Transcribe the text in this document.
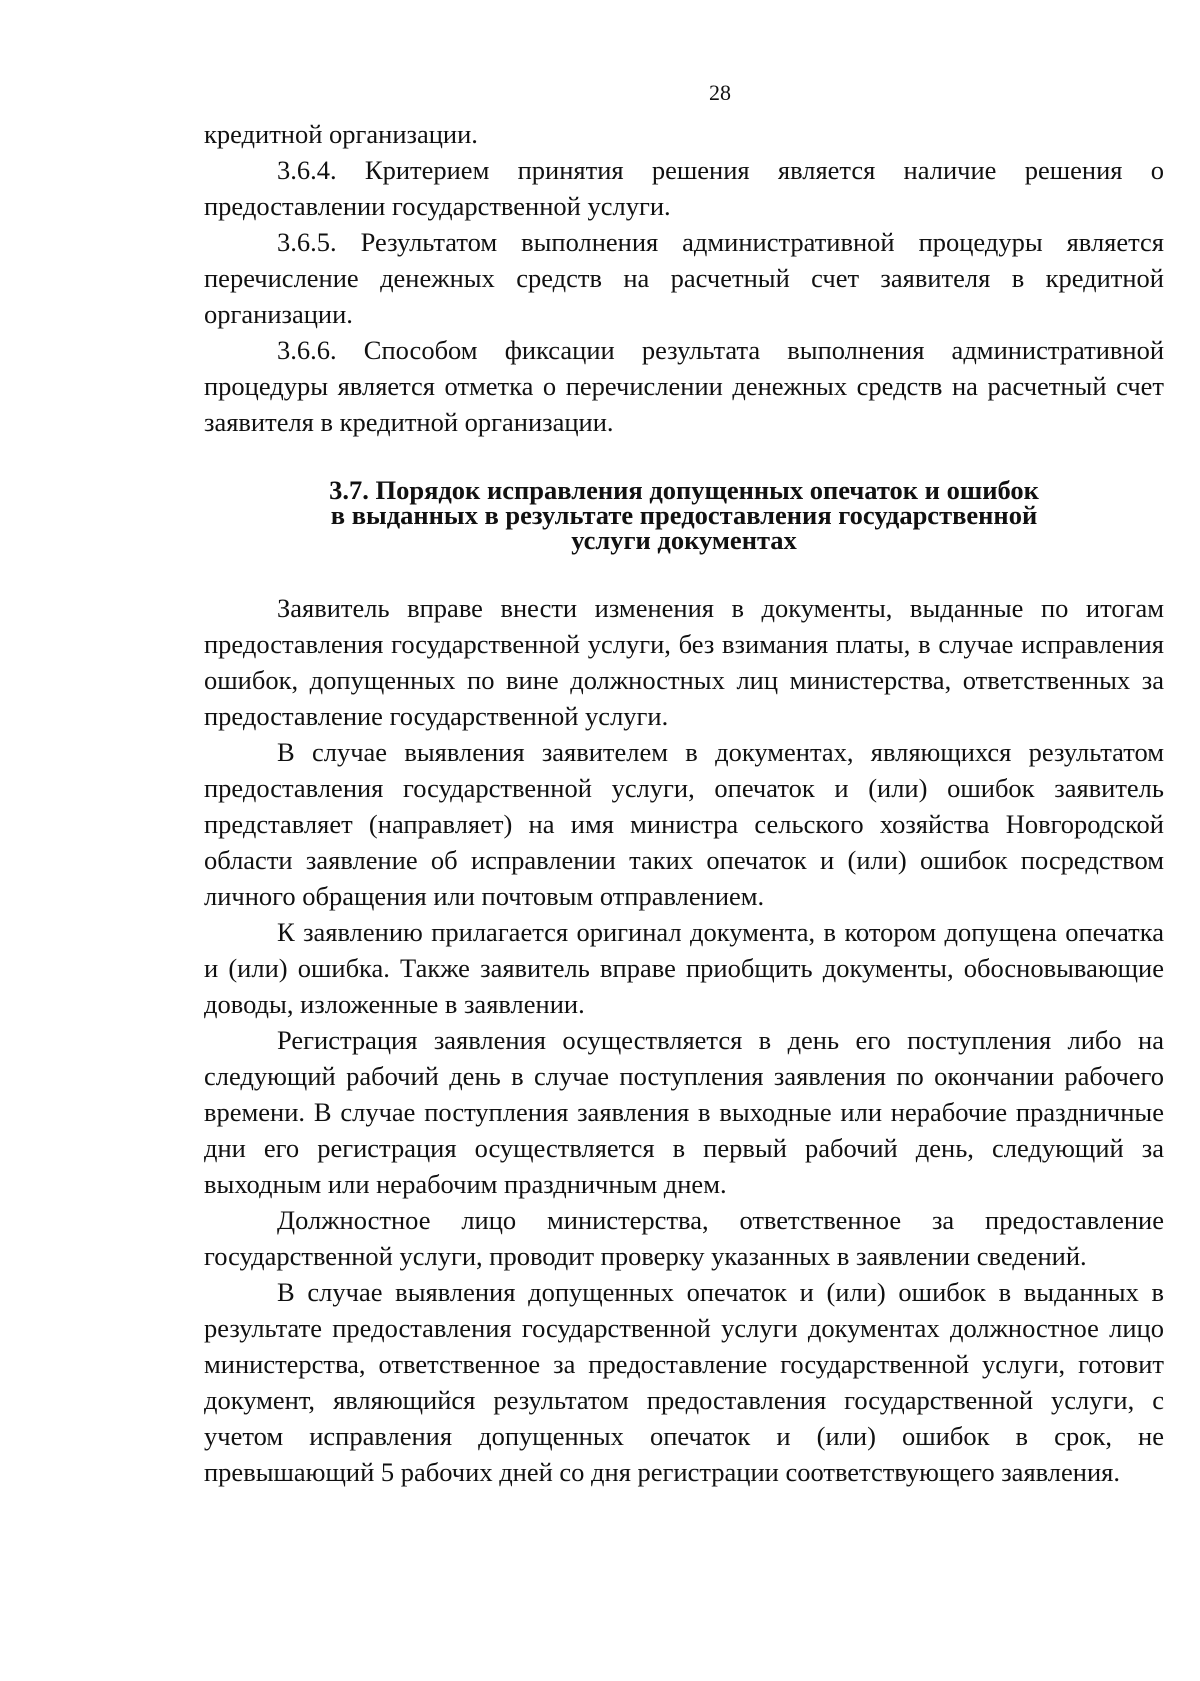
28

кредитной организации.

3.6.4. Критерием принятия решения является наличие решения о предоставлении государственной услуги.

3.6.5. Результатом выполнения административной процедуры является перечисление денежных средств на расчетный счет заявителя в кредитной организации.

3.6.6. Способом фиксации результата выполнения административной процедуры является отметка о перечислении денежных средств на расчетный счет заявителя в кредитной организации.

3.7. Порядок исправления допущенных опечаток и ошибок
в выданных в результате предоставления государственной
услуги документах

Заявитель вправе внести изменения в документы, выданные по итогам предоставления государственной услуги, без взимания платы, в случае исправления ошибок, допущенных по вине должностных лиц министерства, ответственных за предоставление государственной услуги.

В случае выявления заявителем в документах, являющихся результатом предоставления государственной услуги, опечаток и (или) ошибок заявитель представляет (направляет) на имя министра сельского хозяйства Новгородской области заявление об исправлении таких опечаток и (или) ошибок посредством личного обращения или почтовым отправлением.

К заявлению прилагается оригинал документа, в котором допущена опечатка и (или) ошибка. Также заявитель вправе приобщить документы, обосновывающие доводы, изложенные в заявлении.

Регистрация заявления осуществляется в день его поступления либо на следующий рабочий день в случае поступления заявления по окончании рабочего времени. В случае поступления заявления в выходные или нерабочие праздничные дни его регистрация осуществляется в первый рабочий день, следующий за выходным или нерабочим праздничным днем.

Должностное лицо министерства, ответственное за предоставление государственной услуги, проводит проверку указанных в заявлении сведений.

В случае выявления допущенных опечаток и (или) ошибок в выданных в результате предоставления государственной услуги документах должностное лицо министерства, ответственное за предоставление государственной услуги, готовит документ, являющийся результатом предоставления государственной услуги, с учетом исправления допущенных опечаток и (или) ошибок в срок, не превышающий 5 рабочих дней со дня регистрации соответствующего заявления.
